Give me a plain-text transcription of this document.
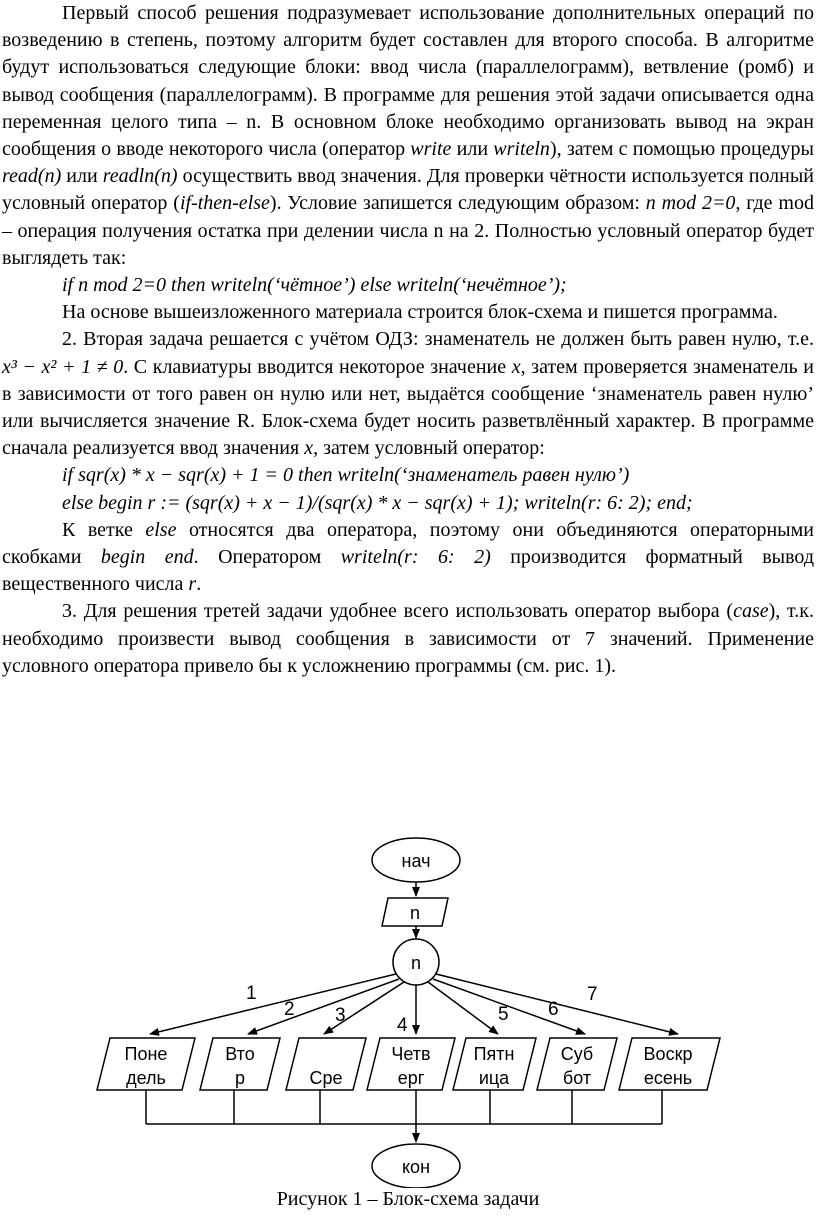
Первый способ решения подразумевает использование дополнительных операций по возведению в степень, поэтому алгоритм будет составлен для второго способа. В алгоритме будут использоваться следующие блоки: ввод числа (параллелограмм), ветвление (ромб) и вывод сообщения (параллелограмм). В программе для решения этой задачи описывается одна переменная целого типа – n. В основном блоке необходимо организовать вывод на экран сообщения о вводе некоторого числа (оператор write или writeln), затем с помощью процедуры read(n) или readln(n) осуществить ввод значения. Для проверки чётности используется полный условный оператор (if-then-else). Условие запишется следующим образом: n mod 2=0, где mod – операция получения остатка при делении числа n на 2. Полностью условный оператор будет выглядеть так:

if n mod 2=0 then writeln(‘чётное’) else writeln(‘нечётное’);

На основе вышеизложенного материала строится блок-схема и пишется программа.

2. Вторая задача решается с учётом ОДЗ: знаменатель не должен быть равен нулю, т.е. x³ − x² + 1 ≠ 0. С клавиатуры вводится некоторое значение x, затем проверяется знаменатель и в зависимости от того равен он нулю или нет, выдаётся сообщение ‘знаменатель равен нулю’ или вычисляется значение R. Блок-схема будет носить разветвлённый характер. В программе сначала реализуется ввод значения x, затем условный оператор:

if sqr(x) * x − sqr(x) + 1 = 0 then writeln(‘знаменатель равен нулю’)

else begin r := (sqr(x) + x − 1)/(sqr(x) * x − sqr(x) + 1); writeln(r: 6: 2); end;

К ветке else относятся два оператора, поэтому они объединяются операторными скобками begin end. Оператором writeln(r: 6: 2) производится форматный вывод вещественного числа r.

3. Для решения третей задачи удобнее всего использовать оператор выбора (case), т.к. необходимо произвести вывод сообщения в зависимости от 7 значений. Применение условного оператора привело бы к усложнению программы (см. рис. 1).

нач
n
n
1
2 3	4
5 6
7
Поне
дель
Вто
р	Сре
Четв
ерг
Пятн
ица
Суб
бот
Воскр
есень
кон
Рисунок 1 – Блок-схема задачи
